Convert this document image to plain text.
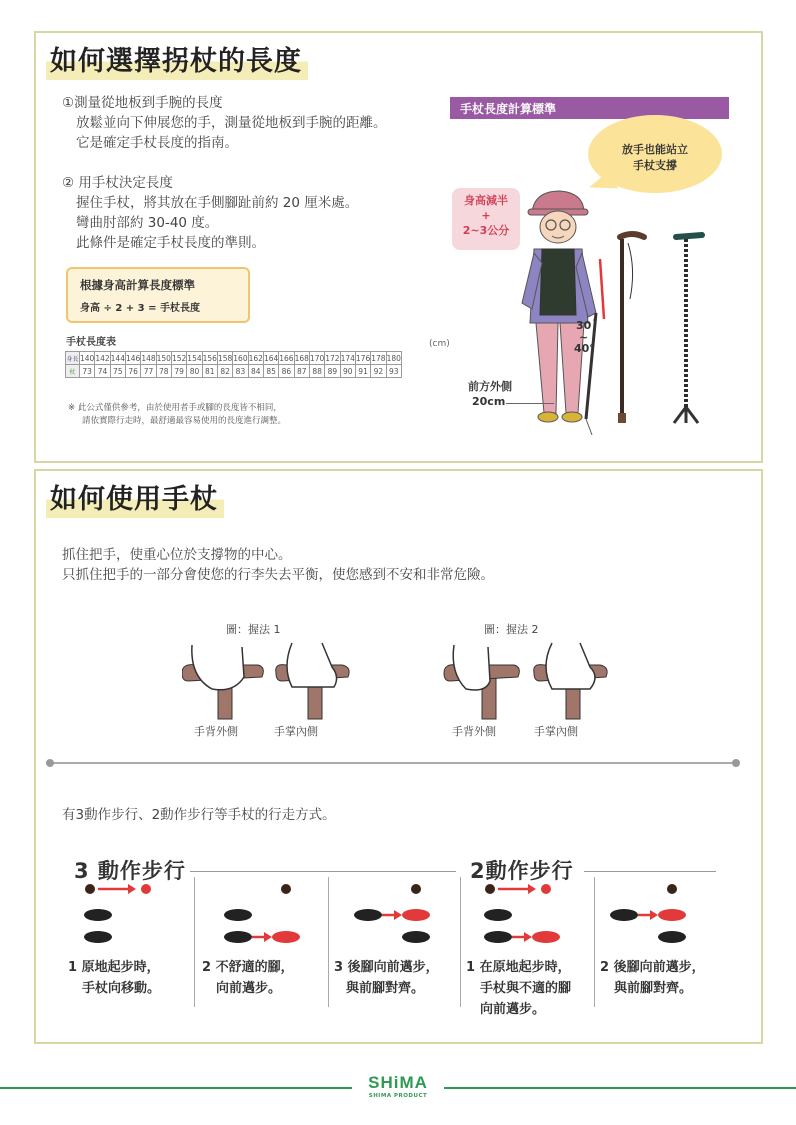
如何選擇拐杖的長度
①測量從地板到手腕的長度
放鬆並向下伸展您的手，測量從地板到手腕的距離。
它是確定手杖長度的指南。
② 用手杖決定長度
握住手杖，將其放在手側腳趾前約 20 厘米處。
彎曲肘部約 30-40 度。
此條件是確定手杖長度的準則。
根據身高計算長度標準
身高 ÷ 2 + 3 = 手杖長度
手杖長度表	(cm)
身長	140	142	144	146	148	150	152	154	156	158	160	162	164	166	168	170	172	174	176	178	180
杖	73	74	75	76	77	78	79	80	81	82	83	84	85	86	87	88	89	90	91	92	93
※ 此公式僅供參考，由於使用者手或腳的長度皆不相同，
請依實際行走時，最舒適最容易使用的長度進行調整。
手杖長度計算標準
放手也能站立
手杖支撐
身高減半
+
2~3公分
30
~
40°
前方外側
20cm
如何使用手杖
抓住把手，使重心位於支撐物的中心。
只抓住把手的一部分會使您的行李失去平衡，使您感到不安和非常危險。
圖：握法 1	圖：握法 2
手背外側	手掌內側	手背外側	手掌內側
有3動作步行、2動作步行等手杖的行走方式。
3 動作步行	2動作步行
1 原地起步時，
手杖向移動。
2 不舒適的腳，
向前邁步。
3 後腳向前邁步，
與前腳對齊。
1 在原地起步時，
手杖與不適的腳
向前邁步。
2 後腳向前邁步，
與前腳對齊。
SHiMA
SHIMA PRODUCT
